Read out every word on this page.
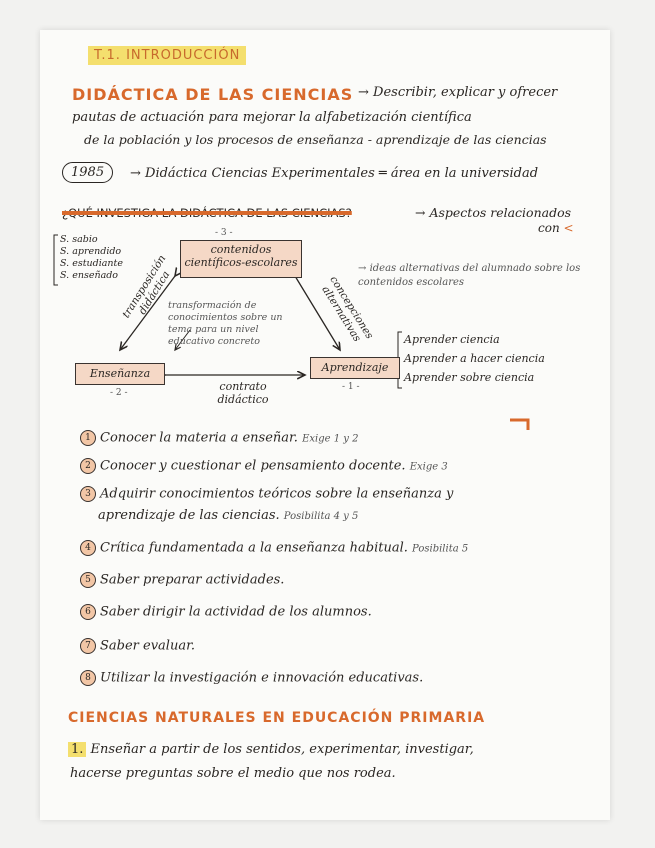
T.1. INTRODUCCIÓN
DIDÁCTICA DE LAS CIENCIAS → Describir, explicar y ofrecer
pautas de actuación para mejorar la alfabetización científica
de la población y los procesos de enseñanza - aprendizaje de las ciencias
1985	→ Didáctica Ciencias Experimentales ═ área en la universidad
¿QUÉ INVESTIGA LA DIDÁCTICA DE LAS CIENCIAS?	→ Aspectos relacionados
con <
- 3 -
contenidos científicos-escolares
Enseñanza
- 2 -
Aprendizaje
- 1 -
transposición didáctica	concepciones alternativas
contrato didáctico
transformación de conocimientos sobre un tema para un nivel educativo concreto
→ ideas alternativas del alumnado sobre los contenidos escolares
S. sabio
S. aprendido
S. estudiante
S. enseñado
Aprender ciencia
Aprender a hacer ciencia
Aprender sobre ciencia
1 Conocer la materia a enseñar. Exige 1 y 2
2 Conocer y cuestionar el pensamiento docente. Exige 3
3 Adquirir conocimientos teóricos sobre la enseñanza y
aprendizaje de las ciencias. Posibilita 4 y 5
4 Crítica fundamentada a la enseñanza habitual. Posibilita 5
5 Saber preparar actividades.
6 Saber dirigir la actividad de los alumnos.
7 Saber evaluar.
8 Utilizar la investigación e innovación educativas.
CIENCIAS NATURALES EN EDUCACIÓN PRIMARIA
1. Enseñar a partir de los sentidos, experimentar, investigar,
hacerse preguntas sobre el medio que nos rodea.
